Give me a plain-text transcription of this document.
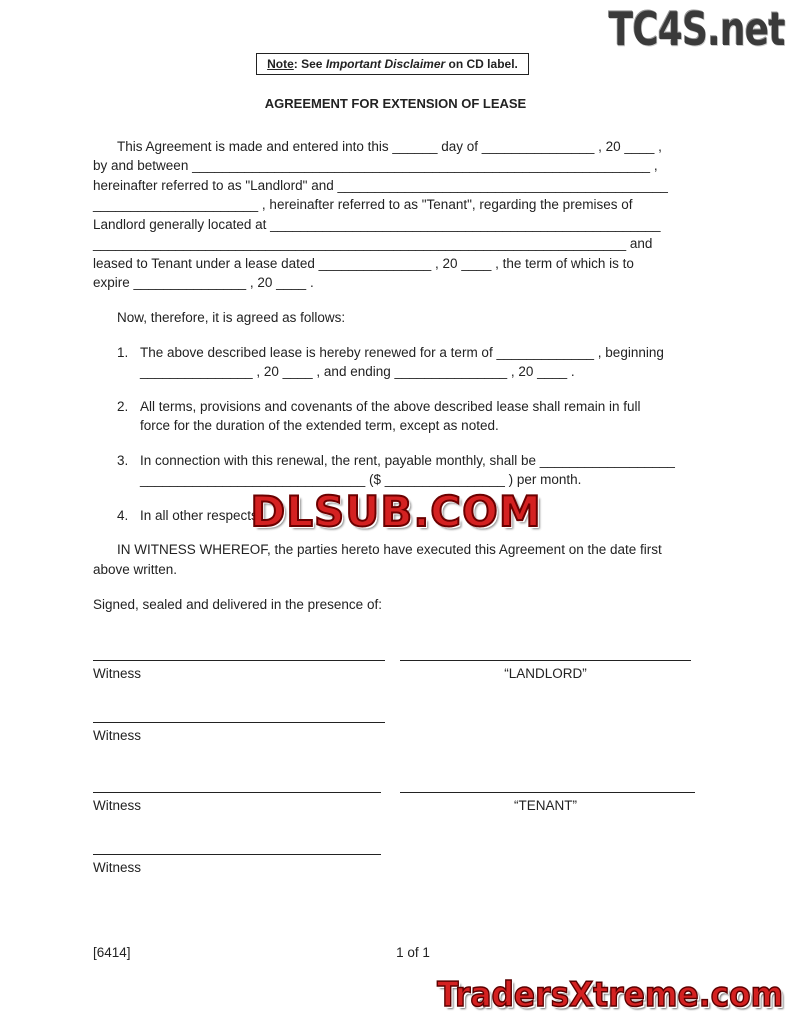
TC4S.net
Note : See Important Disclaimer on CD label.
AGREEMENT FOR EXTENSION OF LEASE
This Agreement is made and entered into this ______ day of _______________ , 20 ____ ,
by and between _____________________________________________________________ ,
hereinafter referred to as "Landlord" and ____________________________________________
______________________ , hereinafter referred to as "Tenant", regarding the premises of
Landlord generally located at ____________________________________________________
_______________________________________________________________________ and
leased to Tenant under a lease dated _______________ , 20 ____ , the term of which is to
expire _______________ , 20 ____ .
Now, therefore, it is agreed as follows:
1. The above described lease is hereby renewed for a term of _____________ , beginning
_______________ , 20 ____ , and ending _______________ , 20 ____ .
2. All terms, provisions and covenants of the above described lease shall remain in full
force for the duration of the extended term, except as noted.
3. In connection with this renewal, the rent, payable monthly, shall be __________________
______________________________ ($ ________________ ) per month.
4. In all other respects
DLSUB.COM
IN WITNESS WHEREOF, the parties hereto have executed this Agreement on the date first
above written.
Signed, sealed and delivered in the presence of:
Witness	“LANDLORD”
Witness
Witness	“TENANT”
Witness
[6414]	1 of 1
TradersXtreme.com
